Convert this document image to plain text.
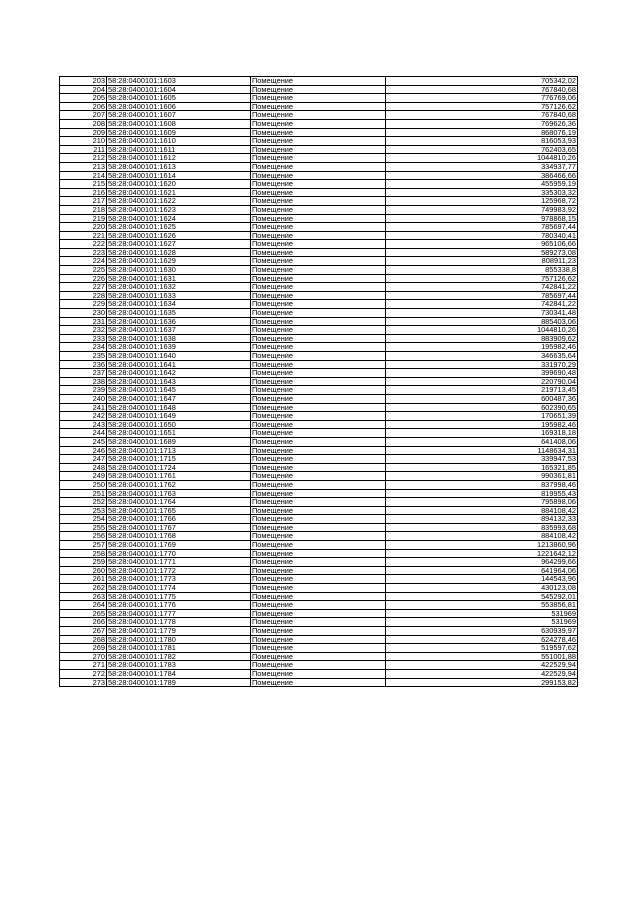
203	58:28:0400101:1603	Помещение	705342,02
204	58:28:0400101:1604	Помещение	767840,68
205	58:28:0400101:1605	Помещение	776769,06
206	58:28:0400101:1606	Помещение	757126,62
207	58:28:0400101:1607	Помещение	767840,68
208	58:28:0400101:1608	Помещение	769626,36
209	58:28:0400101:1609	Помещение	868076,19
210	58:28:0400101:1610	Помещение	816053,93
211	58:28:0400101:1611	Помещение	762403,65
212	58:28:0400101:1612	Помещение	1044810,26
213	58:28:0400101:1613	Помещение	334937,77
214	58:28:0400101:1614	Помещение	386466,66
215	58:28:0400101:1620	Помещение	455959,19
216	58:28:0400101:1621	Помещение	335303,32
217	58:28:0400101:1622	Помещение	125968,72
218	58:28:0400101:1623	Помещение	749983,92
219	58:28:0400101:1624	Помещение	978868,15
220	58:28:0400101:1625	Помещение	785697,44
221	58:28:0400101:1626	Помещение	780340,41
222	58:28:0400101:1627	Помещение	965106,66
223	58:28:0400101:1628	Помещение	589273,08
224	58:28:0400101:1629	Помещение	808911,23
225	58:28:0400101:1630	Помещение	855338,8
226	58:28:0400101:1631	Помещение	757126,62
227	58:28:0400101:1632	Помещение	742841,22
228	58:28:0400101:1633	Помещение	785697,44
229	58:28:0400101:1634	Помещение	742841,22
230	58:28:0400101:1635	Помещение	730341,48
231	58:28:0400101:1636	Помещение	885403,06
232	58:28:0400101:1637	Помещение	1044810,26
233	58:28:0400101:1638	Помещение	883909,62
234	58:28:0400101:1639	Помещение	195982,46
235	58:28:0400101:1640	Помещение	346635,64
236	58:28:0400101:1641	Помещение	331970,29
237	58:28:0400101:1642	Помещение	399690,48
238	58:28:0400101:1643	Помещение	220790,04
239	58:28:0400101:1645	Помещение	219713,45
240	58:28:0400101:1647	Помещение	600487,36
241	58:28:0400101:1648	Помещение	602390,65
242	58:28:0400101:1649	Помещение	170651,39
243	58:28:0400101:1650	Помещение	195982,46
244	58:28:0400101:1651	Помещение	169318,18
245	58:28:0400101:1689	Помещение	641408,06
246	58:28:0400101:1713	Помещение	1148634,31
247	58:28:0400101:1715	Помещение	339947,53
248	58:28:0400101:1724	Помещение	165321,85
249	58:28:0400101:1761	Помещение	990361,81
250	58:28:0400101:1762	Помещение	837998,46
251	58:28:0400101:1763	Помещение	819955,43
252	58:28:0400101:1764	Помещение	795898,06
253	58:28:0400101:1765	Помещение	884108,42
254	58:28:0400101:1766	Помещение	894132,33
255	58:28:0400101:1767	Помещение	835993,68
256	58:28:0400101:1768	Помещение	884108,42
257	58:28:0400101:1769	Помещение	1213860,96
258	58:28:0400101:1770	Помещение	1221642,12
259	58:28:0400101:1771	Помещение	964299,66
260	58:28:0400101:1772	Помещение	641964,06
261	58:28:0400101:1773	Помещение	144543,96
262	58:28:0400101:1774	Помещение	430123,08
263	58:28:0400101:1775	Помещение	545292,01
264	58:28:0400101:1776	Помещение	553856,81
265	58:28:0400101:1777	Помещение	531969
266	58:28:0400101:1778	Помещение	531969
267	58:28:0400101:1779	Помещение	630939,97
268	58:28:0400101:1780	Помещение	624278,46
269	58:28:0400101:1781	Помещение	519597,62
270	58:28:0400101:1782	Помещение	551001,88
271	58:28:0400101:1783	Помещение	422529,94
272	58:28:0400101:1784	Помещение	422529,94
273	58:28:0400101:1789	Помещение	299153,82
